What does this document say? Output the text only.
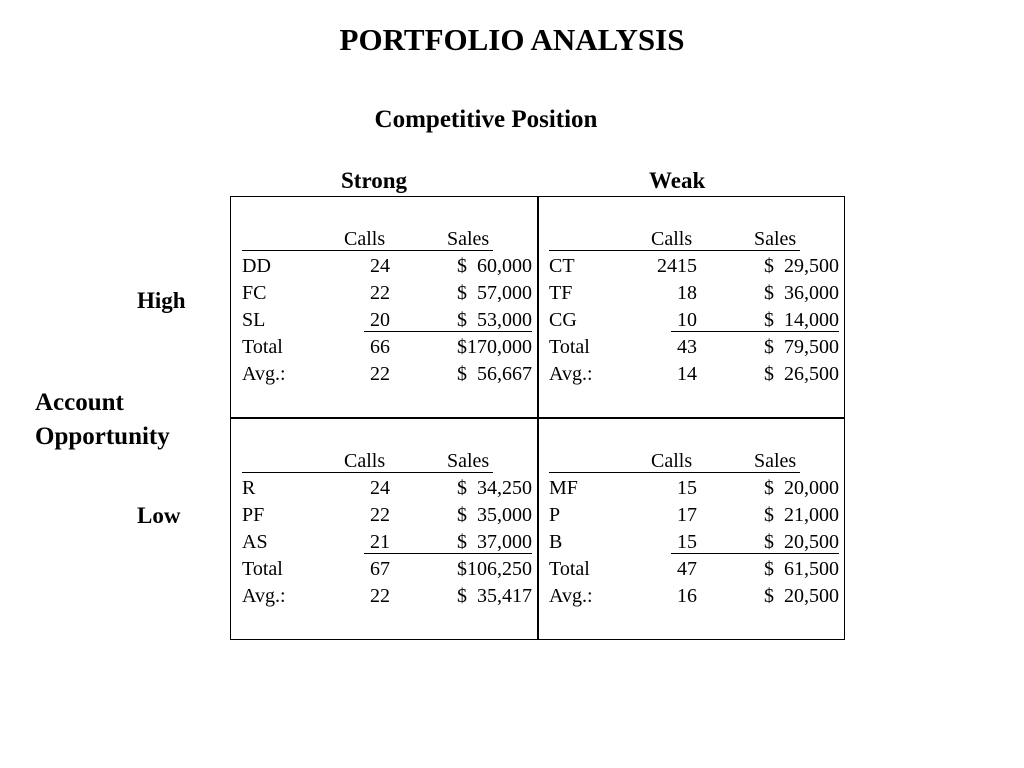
PORTFOLIO ANALYSIS
Competitive Position
Strong	Weak
High
Low
Account
Opportunity
Calls	Sales
DD	24	$  60,000
FC	22	$  57,000
SL	20	$  53,000
Total	66	$170,000
Avg.:	22	$  56,667
Calls	Sales
CT	2415	$  29,500
TF	18	$  36,000
CG	10	$  14,000
Total	43	$  79,500
Avg.:	14	$  26,500
Calls	Sales
R	24	$  34,250
PF	22	$  35,000
AS	21	$  37,000
Total	67	$106,250
Avg.:	22	$  35,417
Calls	Sales
MF	15	$  20,000
P	17	$  21,000
B	15	$  20,500
Total	47	$  61,500
Avg.:	16	$  20,500
